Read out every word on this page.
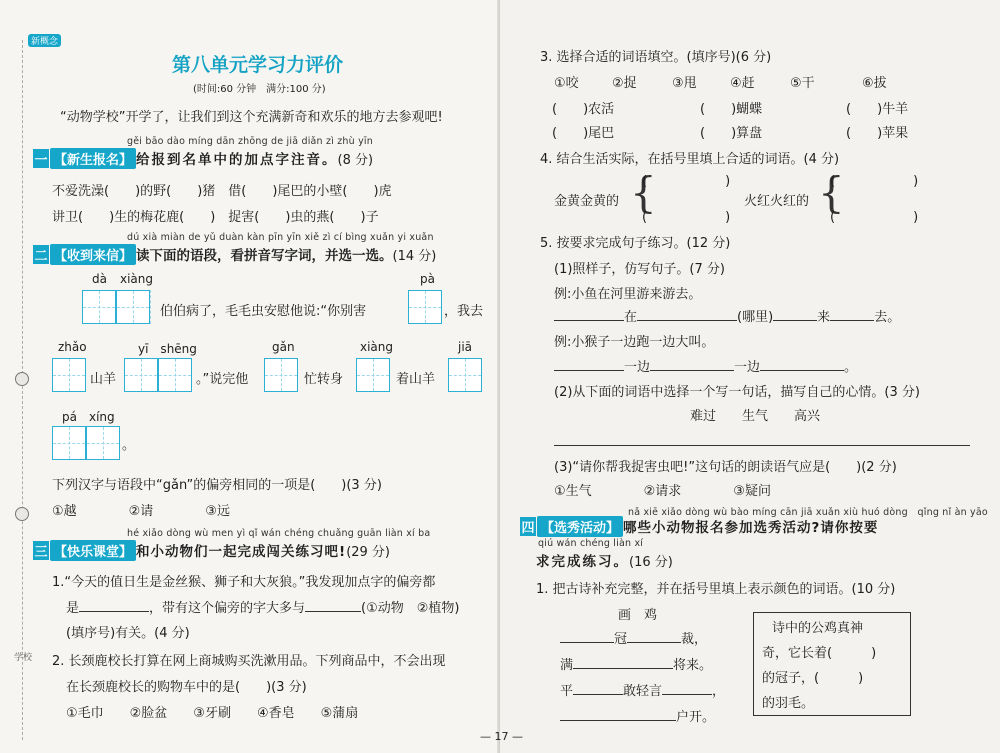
学校
新概念
第八单元学习力评价
(时间:60 分钟　满分:100 分)
“动物学校”开学了，让我们到这个充满新奇和欢乐的地方去参观吧!
gěi bāo dào míng dān zhōng de jiā diǎn zì zhù yīn
一 【新生报名】 给报到名单中的加点字注音。(8 分)
不爱洗澡(　　)的野(　　)猪　借(　　)尾巴的小壁(　　)虎
讲卫(　　)生的梅花鹿(　　)　捉害(　　)虫的燕(　　)子
dú xià miàn de yǔ duàn kàn pīn yīn xiě zì cí bìng xuǎn yi xuǎn
二 【收到来信】 读下面的语段，看拼音写字词，并选一选。(14 分)
dà xiàng
伯伯病了，毛毛虫安慰他说:“你别害
pà
，我去
zhǎo	yī　shēng	gǎn	xiàng	jiā
山羊	。”说完他	忙转身	着山羊
pá　xíng
。
下列汉字与语段中“gǎn”的偏旁相同的一项是(　　)(3 分)
①越　　　　②请　　　　③远
hé xiǎo dòng wù men yì qǐ wán chéng chuǎng guān liàn xí ba
三 【快乐课堂】 和小动物们一起完成闯关练习吧!(29 分)
1.“今天的值日生是金丝猴、狮子和大灰狼。”我发现加点字的偏旁都
是	，带有这个偏旁的字大多与	(①动物　②植物)
(填序号)有关。(4 分)
2. 长颈鹿校长打算在网上商城购买洗漱用品。下列商品中，不会出现
在长颈鹿校长的购物车中的是(　　)(3 分)
①毛巾　　②脸盆　　③牙刷　　④香皂　　⑤蒲扇
3. 选择合适的词语填空。(填序号)(6 分)
①咬	②捉	③甩	④赶	⑤干	⑥拔
(　　)农活	(　　)蝴蝶	(　　)牛羊
(　　)尾巴	(　　)算盘	(　　)苹果
4. 结合生活实际，在括号里填上合适的词语。(4 分)
金黄金黄的 {
(　　　　　　)
(　　　　　　)
火红火红的 {
(　　　　　　)
(　　　　　　)
5. 按要求完成句子练习。(12 分)
(1)照样子，仿写句子。(7 分)
例:小鱼在河里游来游去。
在	(哪里)	来	去。
例:小猴子一边跑一边大叫。
一边	一边	。
(2)从下面的词语中选择一个写一句话，描写自己的心情。(3 分)
难过　　生气　　高兴
(3)“请你帮我捉害虫吧!”这句话的朗读语气应是(　　)(2 分)
①生气　　　　②请求　　　　③疑问
nǎ xiē xiǎo dòng wù bào míng cān jiā xuǎn xiù huó dòng　qǐng nǐ àn yāo
四 【选秀活动】 哪些小动物报名参加选秀活动?请你按要
qiú wán chéng liàn xí
求完成练习。(16 分)
1. 把古诗补充完整，并在括号里填上表示颜色的词语。(10 分)
画　鸡
冠	裁，
满	将来。
平	敢轻言	，
户开。
诗中的公鸡真神
奇，它长着(　　　)
的冠子，(　　　)
的羽毛。
— 17 —
